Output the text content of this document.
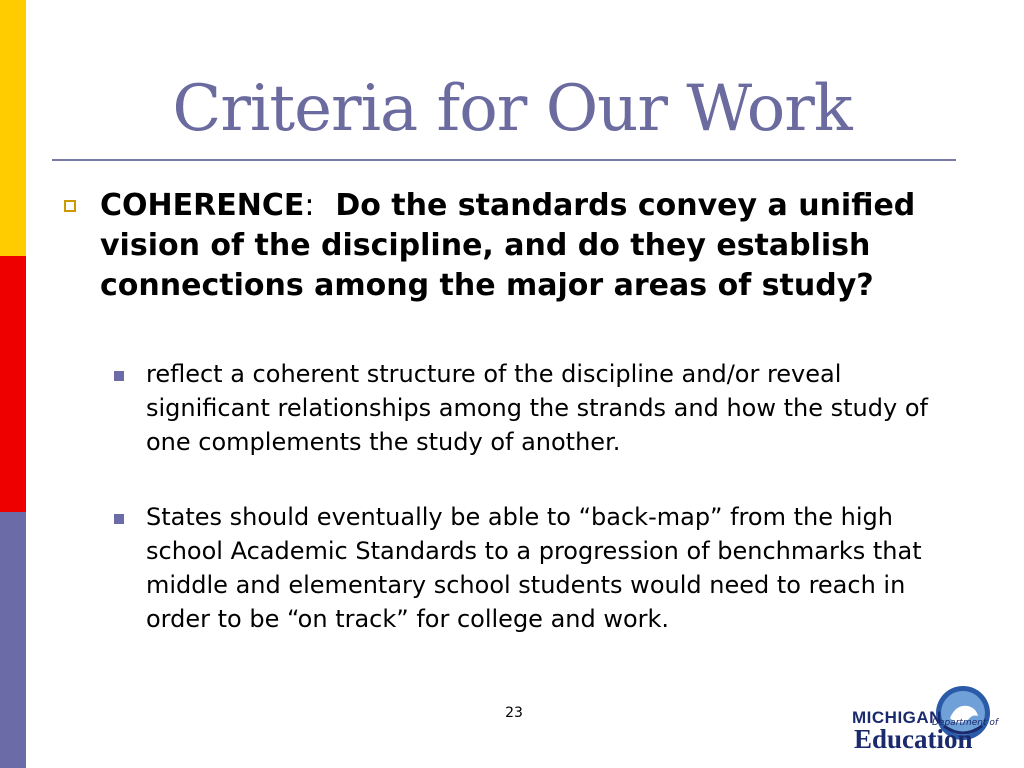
Criteria for Our Work
COHERENCE: Do the standards convey a unified vision of the discipline, and do they establish connections among the major areas of study?
reflect a coherent structure of the discipline and/or reveal significant relationships among the strands and how the study of one complements the study of another.
States should eventually be able to “back-map” from the high school Academic Standards to a progression of benchmarks that middle and elementary school students would need to reach in order to be “on track” for college and work.
23	MICHIGAN
Department of
Education
